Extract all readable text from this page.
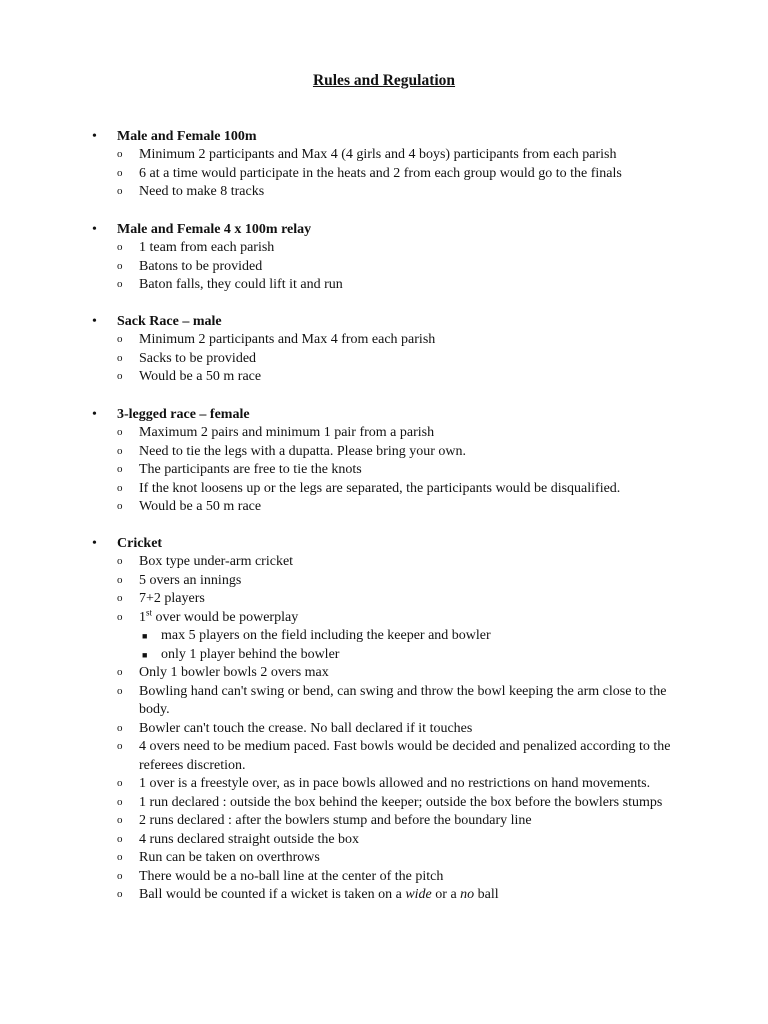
Rules and Regulation
• Male and Female 100m
o Minimum 2 participants and Max 4 (4 girls and 4 boys) participants from each parish
o 6 at a time would participate in the heats and 2 from each group would go to the finals
o Need to make 8 tracks
• Male and Female 4 x 100m relay
o 1 team from each parish
o Batons to be provided
o Baton falls, they could lift it and run
• Sack Race – male
o Minimum 2 participants and Max 4 from each parish
o Sacks to be provided
o Would be a 50 m race
• 3-legged race – female
o Maximum 2 pairs and minimum 1 pair from a parish
o Need to tie the legs with a dupatta. Please bring your own.
o The participants are free to tie the knots
o If the knot loosens up or the legs are separated, the participants would be disqualified.
o Would be a 50 m race
• Cricket
o Box type under-arm cricket
o 5 overs an innings
o 7+2 players
o 1st over would be powerplay
■ max 5 players on the field including the keeper and bowler
■ only 1 player behind the bowler
o Only 1 bowler bowls 2 overs max
o Bowling hand can't swing or bend, can swing and throw the bowl keeping the arm close to the body.
o Bowler can't touch the crease. No ball declared if it touches
o 4 overs need to be medium paced. Fast bowls would be decided and penalized according to the referees discretion.
o 1 over is a freestyle over, as in pace bowls allowed and no restrictions on hand movements.
o 1 run declared : outside the box behind the keeper; outside the box before the bowlers stumps
o 2 runs declared : after the bowlers stump and before the boundary line
o 4 runs declared straight outside the box
o Run can be taken on overthrows
o There would be a no-ball line at the center of the pitch
o Ball would be counted if a wicket is taken on a wide or a no ball
